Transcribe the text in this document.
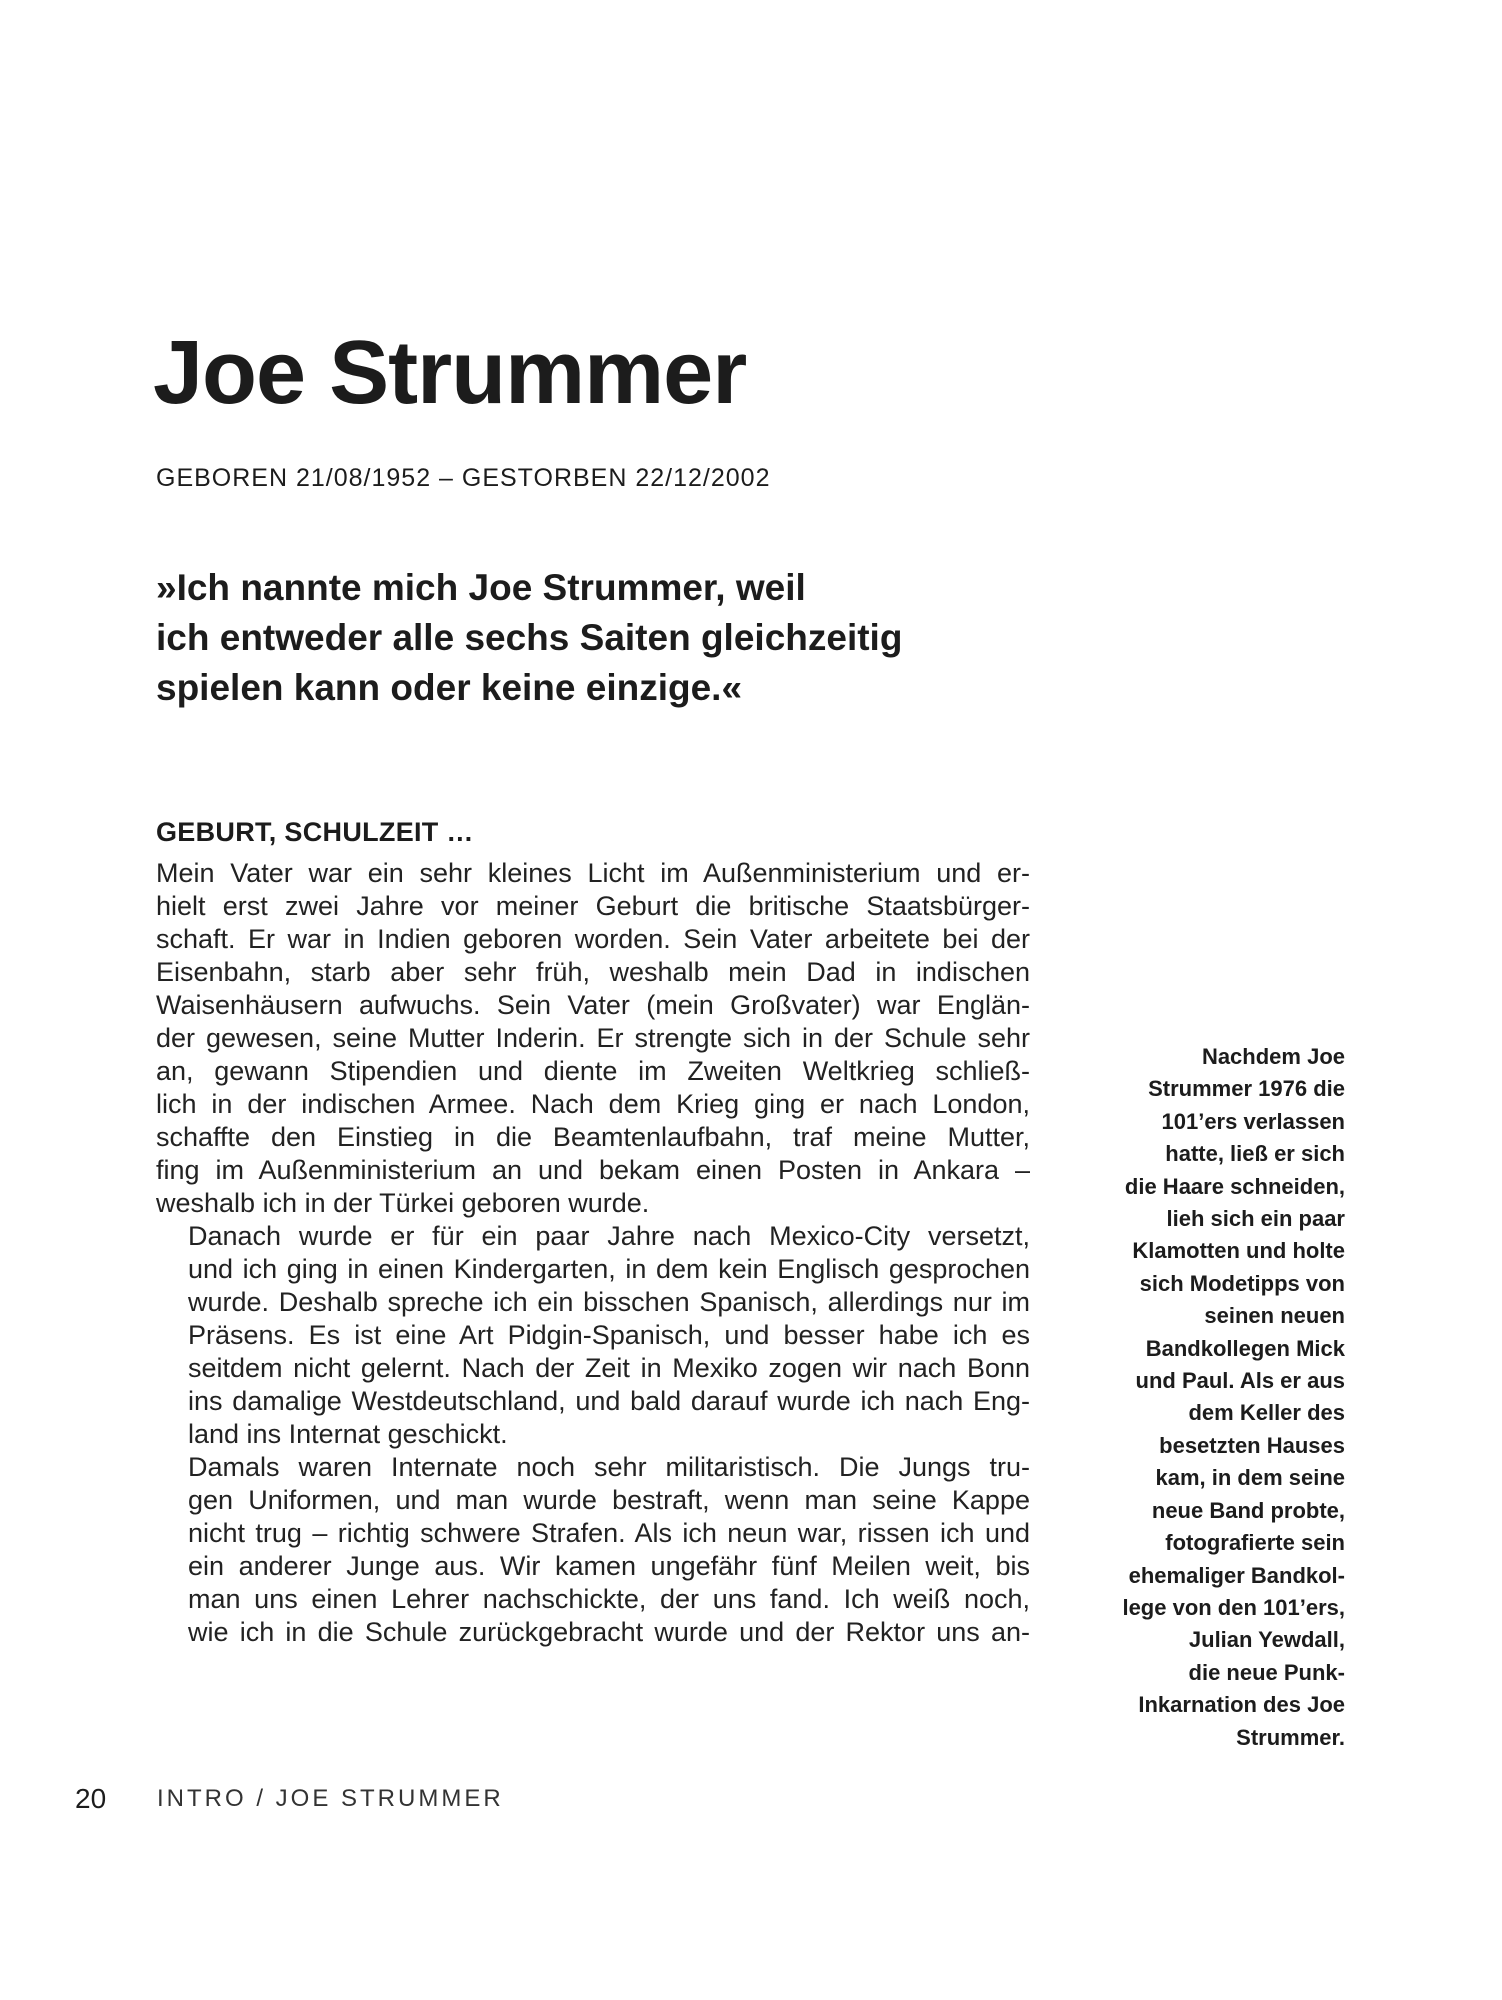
Joe Strummer
GEBOREN 21/08/1952 – GESTORBEN 22/12/2002
»Ich nannte mich Joe Strummer, weil
ich entweder alle sechs Saiten gleichzeitig
spielen kann oder keine einzige.«
GEBURT, SCHULZEIT …

Mein Vater war ein sehr kleines Licht im Außenministerium und er-
hielt erst zwei Jahre vor meiner Geburt die britische Staatsbürger-
schaft. Er war in Indien geboren worden. Sein Vater arbeitete bei der
Eisenbahn, starb aber sehr früh, weshalb mein Dad in indischen
Waisenhäusern aufwuchs. Sein Vater (mein Großvater) war Englän-
der gewesen, seine Mutter Inderin. Er strengte sich in der Schule sehr
an, gewann Stipendien und diente im Zweiten Weltkrieg schließ-
lich in der indischen Armee. Nach dem Krieg ging er nach London,
schaffte den Einstieg in die Beamtenlaufbahn, traf meine Mutter,
fing im Außenministerium an und bekam einen Posten in Ankara –
weshalb ich in der Türkei geboren wurde.

Danach wurde er für ein paar Jahre nach Mexico-City versetzt,
und ich ging in einen Kindergarten, in dem kein Englisch gesprochen
wurde. Deshalb spreche ich ein bisschen Spanisch, allerdings nur im
Präsens. Es ist eine Art Pidgin-Spanisch, und besser habe ich es
seitdem nicht gelernt. Nach der Zeit in Mexiko zogen wir nach Bonn
ins damalige Westdeutschland, und bald darauf wurde ich nach Eng-
land ins Internat geschickt.

Damals waren Internate noch sehr militaristisch. Die Jungs tru-
gen Uniformen, und man wurde bestraft, wenn man seine Kappe
nicht trug – richtig schwere Strafen. Als ich neun war, rissen ich und
ein anderer Junge aus. Wir kamen ungefähr fünf Meilen weit, bis
man uns einen Lehrer nachschickte, der uns fand. Ich weiß noch,
wie ich in die Schule zurückgebracht wurde und der Rektor uns an-

Nachdem Joe
Strummer 1976 die
101’ers verlassen
hatte, ließ er sich
die Haare schneiden,
lieh sich ein paar
Klamotten und holte
sich Modetipps von
seinen neuen
Bandkollegen Mick
und Paul. Als er aus
dem Keller des
besetzten Hauses
kam, in dem seine
neue Band probte,
fotografierte sein
ehemaliger Bandkol-
lege von den 101’ers,
Julian Yewdall,
die neue Punk-
Inkarnation des Joe
Strummer.
20 INTRO / JOE STRUMMER
